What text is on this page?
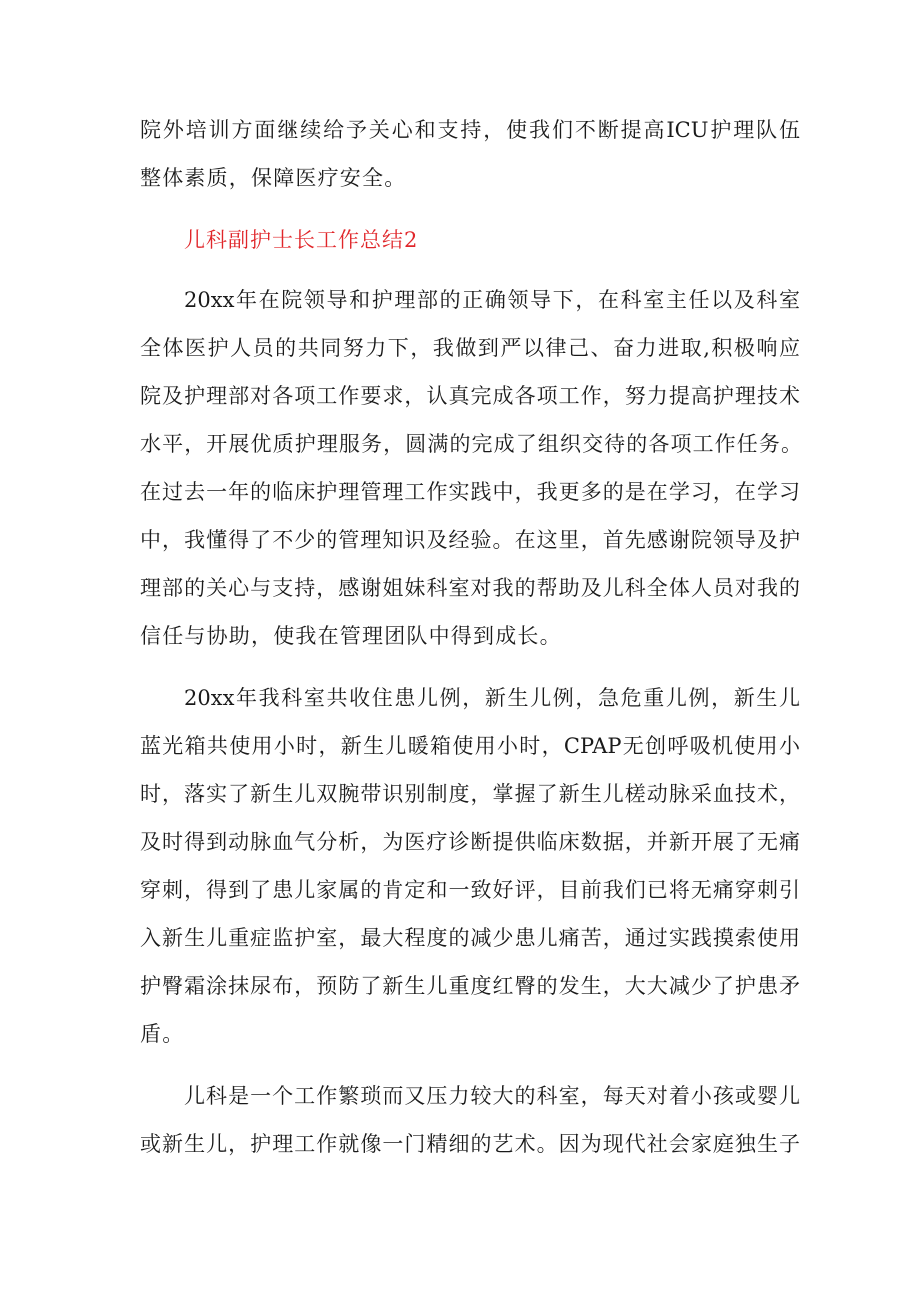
院外培训方面继续给予关心和支持，使我们不断提高ICU护理队伍
整体素质，保障医疗安全。
儿科副护士长工作总结2
20xx年在院领导和护理部的正确领导下，在科室主任以及科室
全体医护人员的共同努力下，我做到严以律己、奋力进取,积极响应
院及护理部对各项工作要求，认真完成各项工作，努力提高护理技术
水平，开展优质护理服务，圆满的完成了组织交待的各项工作任务。
在过去一年的临床护理管理工作实践中，我更多的是在学习，在学习
中，我懂得了不少的管理知识及经验。在这里，首先感谢院领导及护
理部的关心与支持，感谢姐妹科室对我的帮助及儿科全体人员对我的
信任与协助，使我在管理团队中得到成长。
20xx年我科室共收住患儿例，新生儿例，急危重儿例，新生儿
蓝光箱共使用小时，新生儿暖箱使用小时，CPAP无创呼吸机使用小
时，落实了新生儿双腕带识别制度，掌握了新生儿槎动脉采血技术，
及时得到动脉血气分析，为医疗诊断提供临床数据，并新开展了无痛
穿刺，得到了患儿家属的肯定和一致好评，目前我们已将无痛穿刺引
入新生儿重症监护室，最大程度的减少患儿痛苦，通过实践摸索使用
护臀霜涂抹尿布，预防了新生儿重度红臀的发生，大大减少了护患矛
盾。
儿科是一个工作繁琐而又压力较大的科室，每天对着小孩或婴儿
或新生儿，护理工作就像一门精细的艺术。因为现代社会家庭独生子
